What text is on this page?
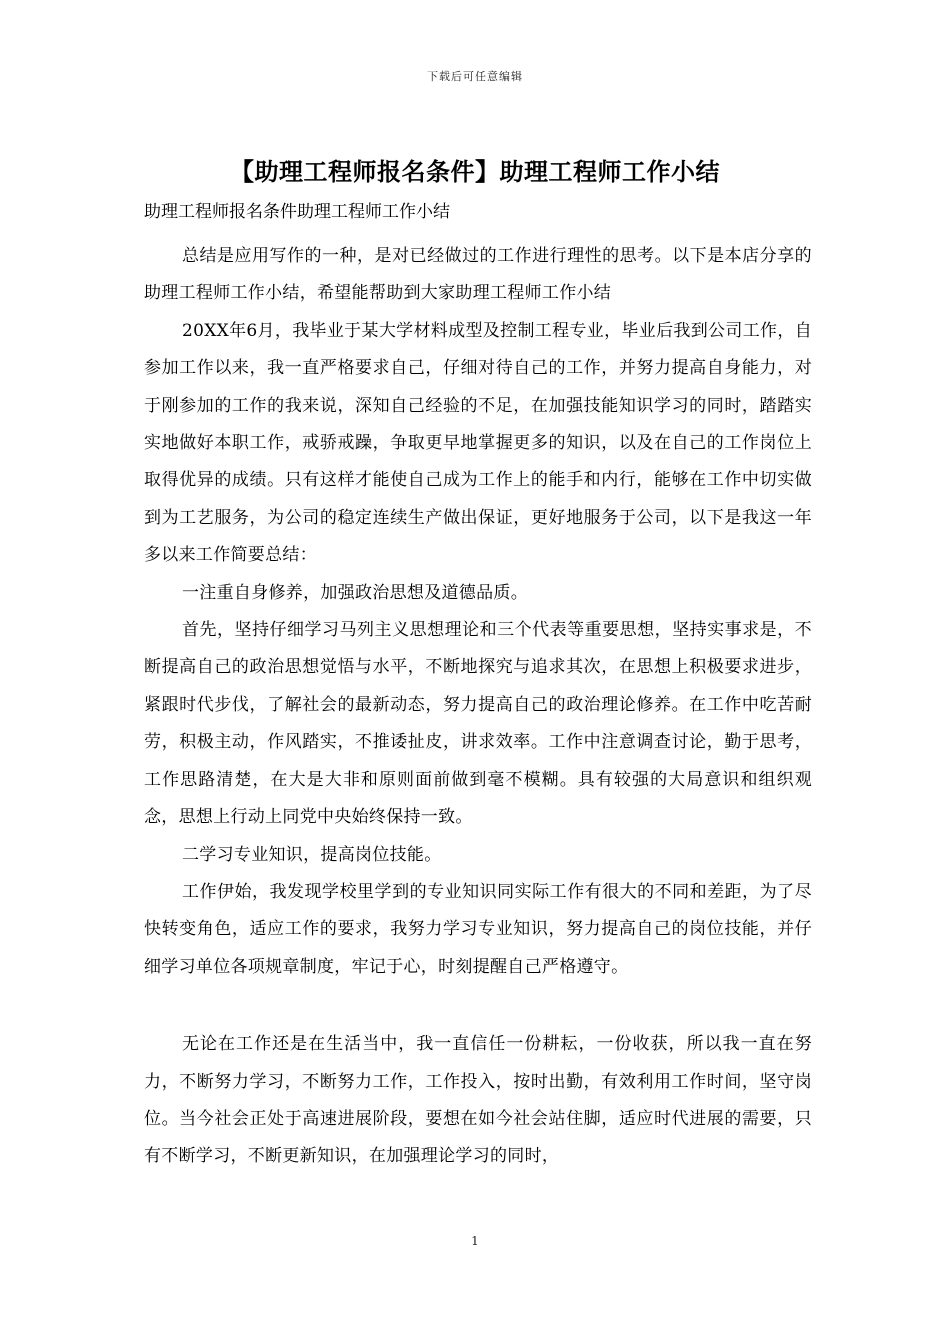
下载后可任意编辑
【助理工程师报名条件】助理工程师工作小结

助理工程师报名条件助理工程师工作小结

总结是应用写作的一种，是对已经做过的工作进行理性的思考。以下是本店分享的助理工程师工作小结，希望能帮助到大家助理工程师工作小结

20XX年6月，我毕业于某大学材料成型及控制工程专业，毕业后我到公司工作，自参加工作以来，我一直严格要求自己，仔细对待自己的工作，并努力提高自身能力，对于刚参加的工作的我来说，深知自己经验的不足，在加强技能知识学习的同时，踏踏实实地做好本职工作，戒骄戒躁，争取更早地掌握更多的知识，以及在自己的工作岗位上取得优异的成绩。只有这样才能使自己成为工作上的能手和内行，能够在工作中切实做到为工艺服务，为公司的稳定连续生产做出保证，更好地服务于公司，以下是我这一年多以来工作简要总结：

一注重自身修养，加强政治思想及道德品质。

首先，坚持仔细学习马列主义思想理论和三个代表等重要思想，坚持实事求是，不断提高自己的政治思想觉悟与水平，不断地探究与追求其次，在思想上积极要求进步，紧跟时代步伐，了解社会的最新动态，努力提高自己的政治理论修养。在工作中吃苦耐劳，积极主动，作风踏实，不推诿扯皮，讲求效率。工作中注意调查讨论，勤于思考，工作思路清楚，在大是大非和原则面前做到毫不模糊。具有较强的大局意识和组织观念，思想上行动上同党中央始终保持一致。

二学习专业知识，提高岗位技能。

工作伊始，我发现学校里学到的专业知识同实际工作有很大的不同和差距，为了尽快转变角色，适应工作的要求，我努力学习专业知识，努力提高自己的岗位技能，并仔细学习单位各项规章制度，牢记于心，时刻提醒自己严格遵守。

无论在工作还是在生活当中，我一直信任一份耕耘，一份收获，所以我一直在努力，不断努力学习，不断努力工作，工作投入，按时出勤，有效利用工作时间，坚守岗位。当今社会正处于高速进展阶段，要想在如今社会站住脚，适应时代进展的需要，只有不断学习，不断更新知识，在加强理论学习的同时，

1
